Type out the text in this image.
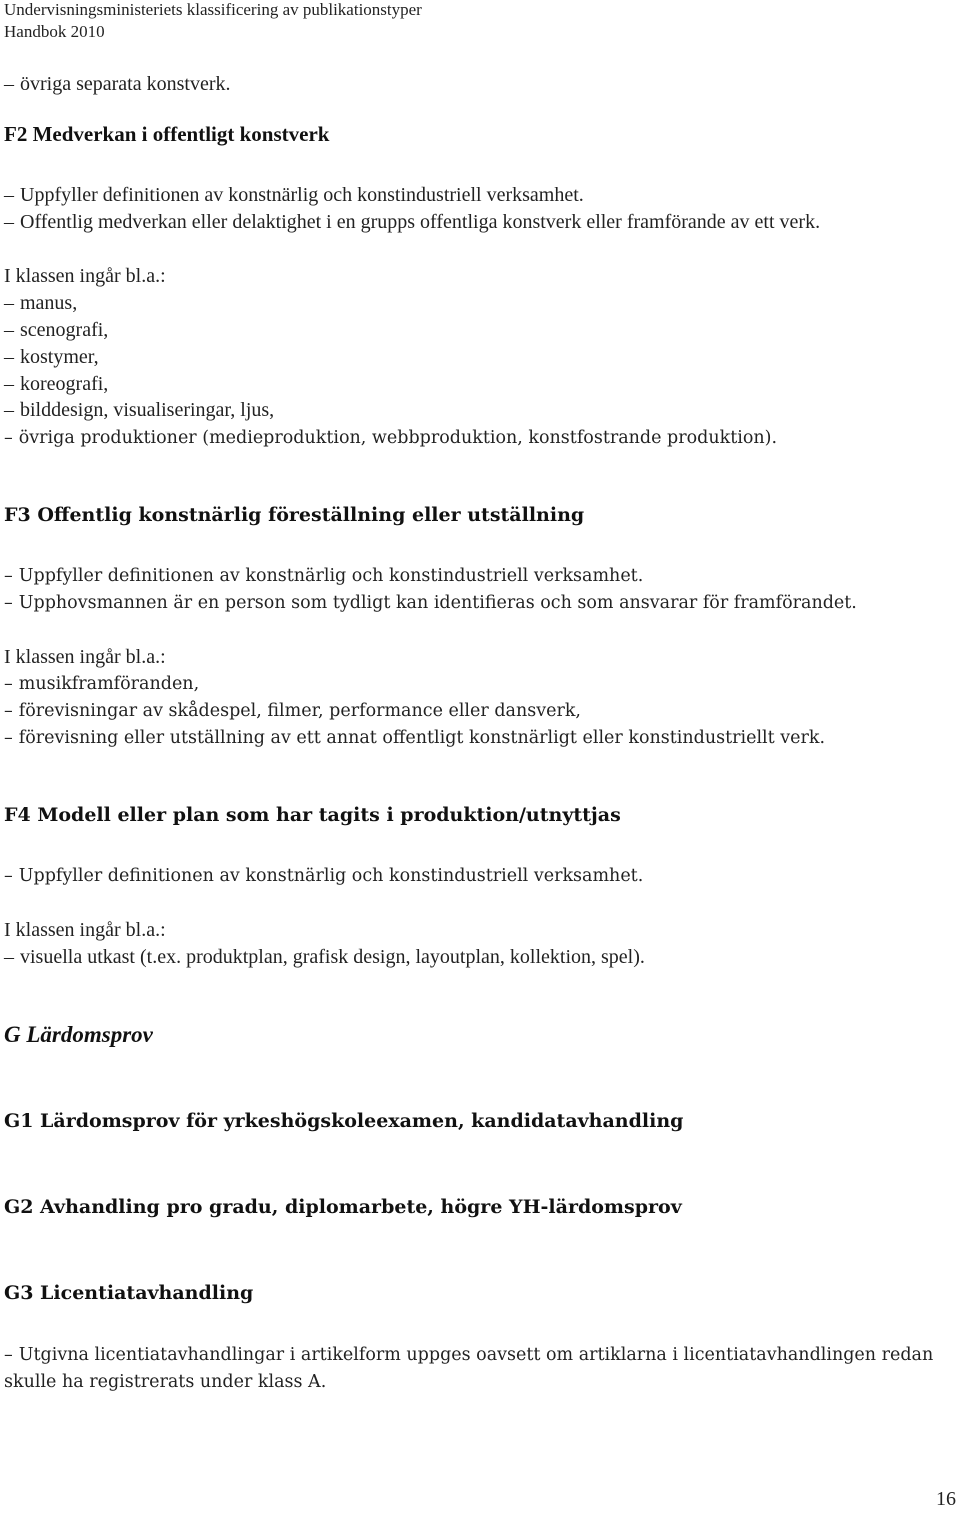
Undervisningsministeriets klassificering av publikationstyper
Handbok 2010
– övriga separata konstverk.
F2 Medverkan i offentligt konstverk
– Uppfyller definitionen av konstnärlig och konstindustriell verksamhet.
– Offentlig medverkan eller delaktighet i en grupps offentliga konstverk eller framförande av ett verk.
I klassen ingår bl.a.:
– manus,
– scenografi,
– kostymer,
– koreografi,
– bilddesign, visualiseringar, ljus,
– övriga produktioner (medieproduktion, webbproduktion, konstfostrande produktion).
F3 Offentlig konstnärlig föreställning eller utställning
– Uppfyller definitionen av konstnärlig och konstindustriell verksamhet.
– Upphovsmannen är en person som tydligt kan identifieras och som ansvarar för framförandet.
I klassen ingår bl.a.:
– musikframföranden,
– förevisningar av skådespel, filmer, performance eller dansverk,
– förevisning eller utställning av ett annat offentligt konstnärligt eller konstindustriellt verk.
F4 Modell eller plan som har tagits i produktion/utnyttjas
– Uppfyller definitionen av konstnärlig och konstindustriell verksamhet.
I klassen ingår bl.a.:
– visuella utkast (t.ex. produktplan, grafisk design, layoutplan, kollektion, spel).
G Lärdomsprov
G1 Lärdomsprov för yrkeshögskoleexamen, kandidatavhandling
G2 Avhandling pro gradu, diplomarbete, högre YH-lärdomsprov
G3 Licentiatavhandling
– Utgivna licentiatavhandlingar i artikelform uppges oavsett om artiklarna i licentiatavhandlingen redan skulle ha registrerats under klass A.
16
